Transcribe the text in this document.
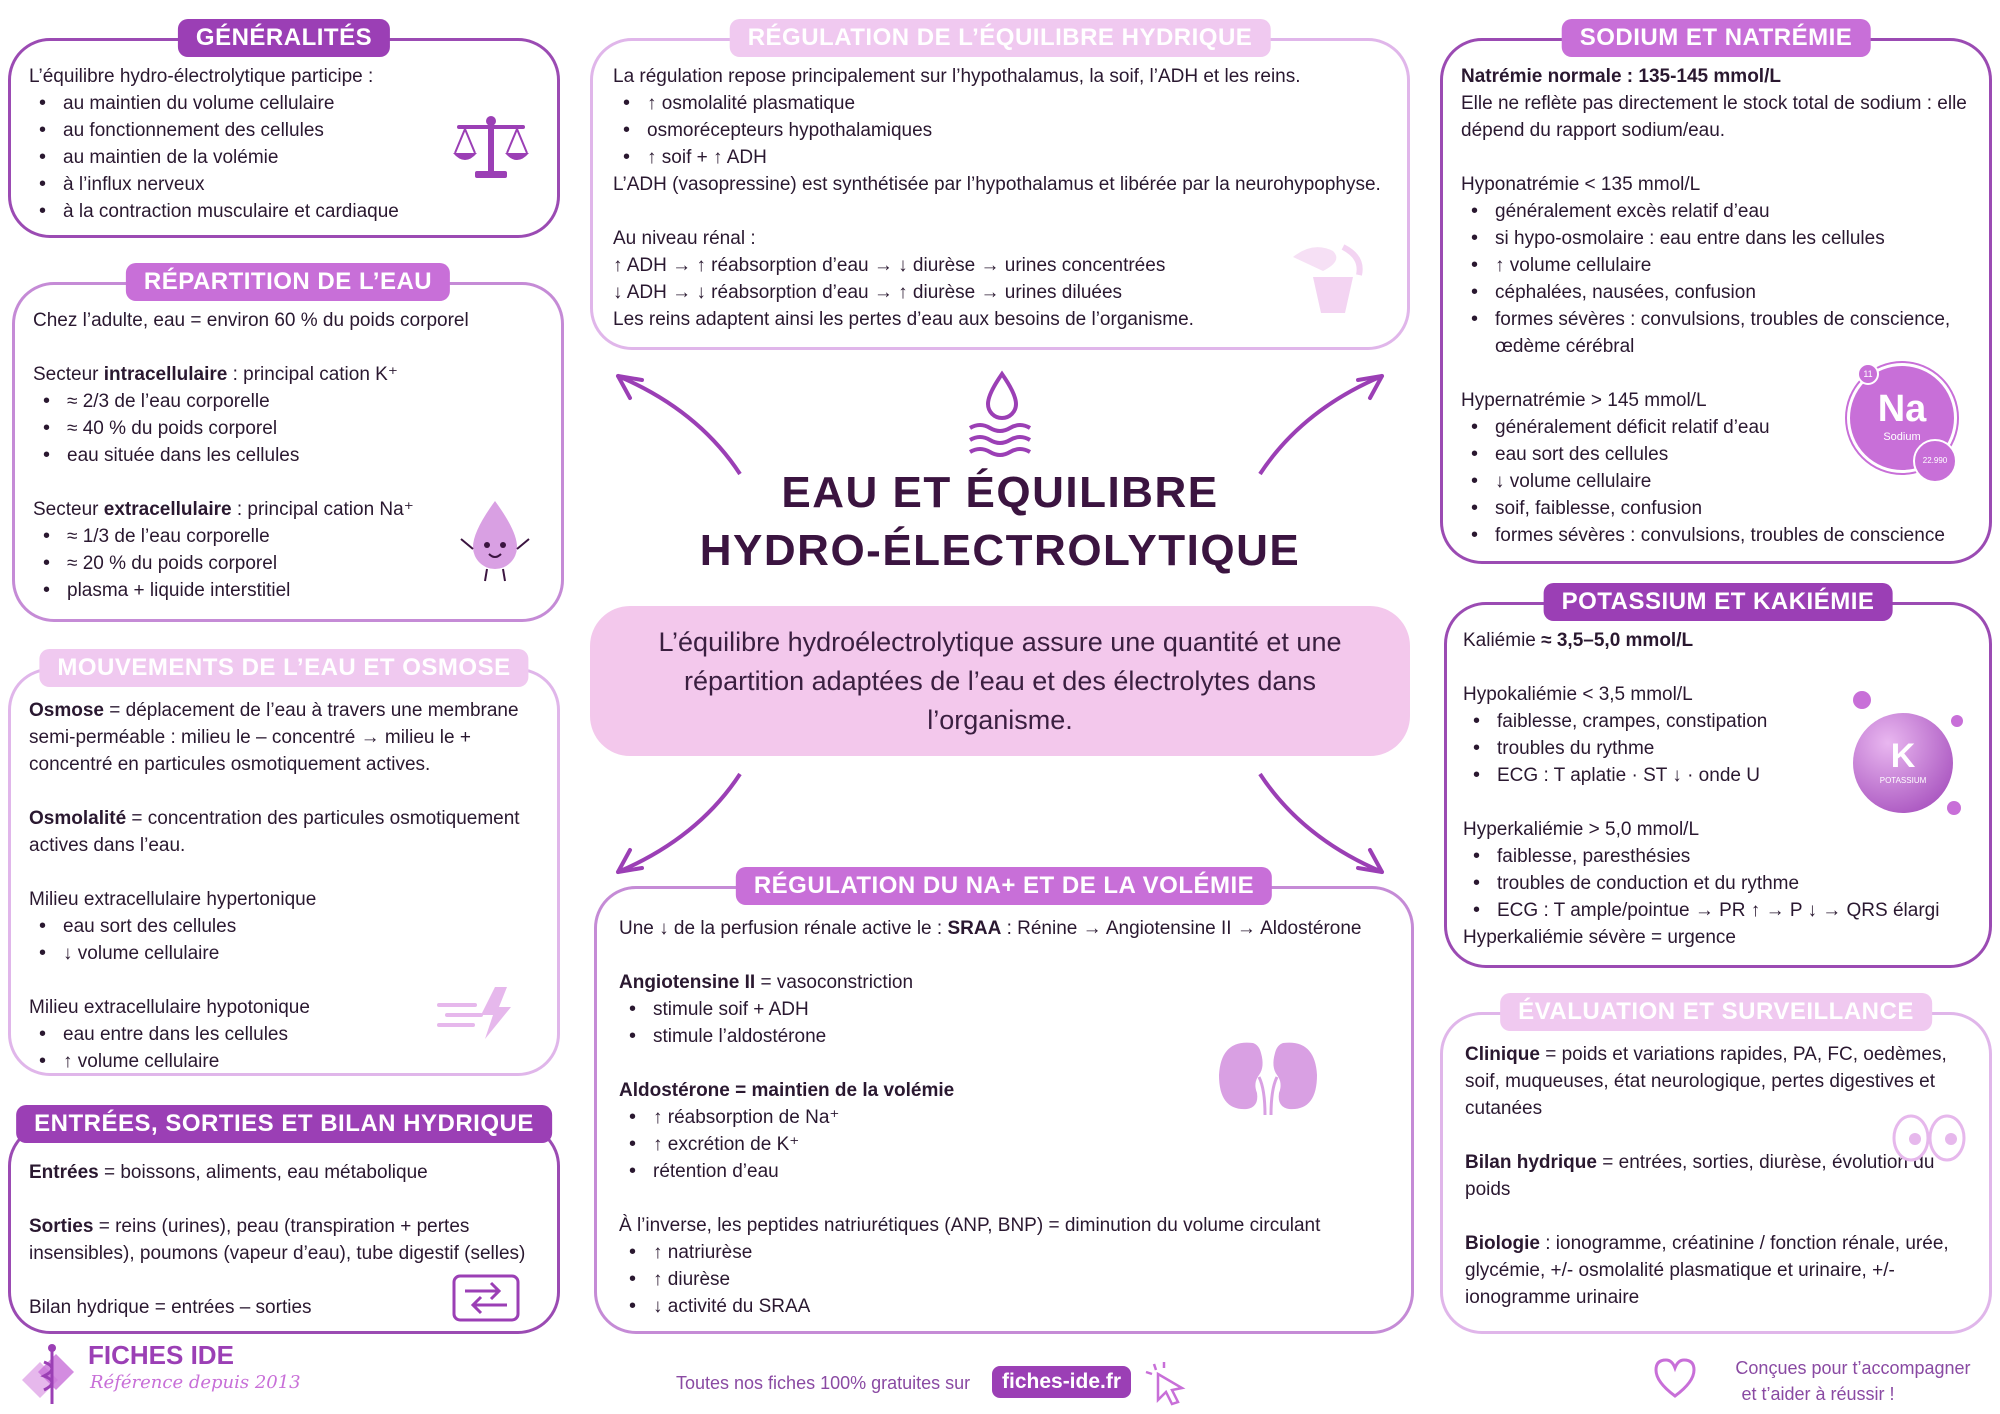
GÉNÉRALITÉS

L’équilibre hydro-électrolytique participe :

• au maintien du volume cellulaire
• au fonctionnement des cellules
• au maintien de la volémie
• à l’influx nerveux
• à la contraction musculaire et cardiaque
RÉPARTITION DE L’EAU

Chez l’adulte, eau = environ 60 % du poids corporel

Secteur intracellulaire : principal cation K⁺

• ≈ 2/3 de l’eau corporelle
• ≈ 40 % du poids corporel
• eau située dans les cellules

Secteur extracellulaire : principal cation Na⁺

• ≈ 1/3 de l’eau corporelle
• ≈ 20 % du poids corporel
• plasma + liquide interstitiel
MOUVEMENTS DE L’EAU ET OSMOSE

Osmose = déplacement de l’eau à travers une membrane semi-perméable : milieu le – concentré → milieu le + concentré en particules osmotiquement actives.

Osmolalité = concentration des particules osmotiquement actives dans l’eau.

Milieu extracellulaire hypertonique

• eau sort des cellules
• ↓ volume cellulaire

Milieu extracellulaire hypotonique

• eau entre dans les cellules
• ↑ volume cellulaire
ENTRÉES, SORTIES ET BILAN HYDRIQUE

Entrées = boissons, aliments, eau métabolique

Sorties = reins (urines), peau (transpiration + pertes insensibles), poumons (vapeur d’eau), tube digestif (selles)

Bilan hydrique = entrées – sorties

RÉGULATION DE L’ÉQUILIBRE HYDRIQUE

La régulation repose principalement sur l’hypothalamus, la soif, l’ADH et les reins.

• ↑ osmolalité plasmatique
• osmorécepteurs hypothalamiques
• ↑ soif + ↑ ADH

L’ADH (vasopressine) est synthétisée par l’hypothalamus et libérée par la neurohypophyse.

Au niveau rénal :

↑ ADH → ↑ réabsorption d’eau → ↓ diurèse → urines concentrées

↓ ADH → ↓ réabsorption d’eau → ↑ diurèse → urines diluées

Les reins adaptent ainsi les pertes d’eau aux besoins de l’organisme.

EAU ET ÉQUILIBRE
HYDRO-ÉLECTROLYTIQUE
L’équilibre hydroélectrolytique assure une quantité et une répartition adaptées de l’eau et des électrolytes dans l’organisme.
RÉGULATION DU NA+ ET DE LA VOLÉMIE

Une ↓ de la perfusion rénale active le : SRAA : Rénine → Angiotensine II → Aldostérone

Angiotensine II = vasoconstriction

• stimule soif + ADH
• stimule l’aldostérone

Aldostérone = maintien de la volémie

• ↑ réabsorption de Na⁺
• ↑ excrétion de K⁺
• rétention d’eau

À l’inverse, les peptides natriurétiques (ANP, BNP) = diminution du volume circulant

• ↑ natriurèse
• ↑ diurèse
• ↓ activité du SRAA
SODIUM ET NATRÉMIE

Natrémie normale : 135-145 mmol/L

Elle ne reflète pas directement le stock total de sodium : elle dépend du rapport sodium/eau.

Hyponatrémie < 135 mmol/L

• généralement excès relatif d’eau
• si hypo-osmolaire : eau entre dans les cellules
• ↑ volume cellulaire
• céphalées, nausées, confusion
• formes sévères : convulsions, troubles de conscience, œdème cérébral

Hypernatrémie > 145 mmol/L

• généralement déficit relatif d’eau
• eau sort des cellules
• ↓ volume cellulaire
• soif, faiblesse, confusion
• formes sévères : convulsions, troubles de conscience
Na
Sodium
11
22.990
POTASSIUM ET KAKIÉMIE

Kaliémie ≈ 3,5–5,0 mmol/L

Hypokaliémie < 3,5 mmol/L

• faiblesse, crampes, constipation
• troubles du rythme
• ECG : T aplatie · ST ↓ · onde U

Hyperkaliémie > 5,0 mmol/L

• faiblesse, paresthésies
• troubles de conduction et du rythme
• ECG : T ample/pointue → PR ↑ → P ↓ → QRS élargi

Hyperkaliémie sévère = urgence

K
POTASSIUM
ÉVALUATION ET SURVEILLANCE

Clinique = poids et variations rapides, PA, FC, oedèmes, soif, muqueuses, état neurologique, pertes digestives et cutanées

Bilan hydrique = entrées, sorties, diurèse, évolution du poids

Biologie : ionogramme, créatinine / fonction rénale, urée, glycémie, +/- osmolalité plasmatique et urinaire, +/- ionogramme urinaire

FICHES IDE
Référence depuis 2013	Toutes nos fiches 100% gratuites sur	fiches-ide.fr
Conçues pour t’accompagner
et t’aider à réussir !
